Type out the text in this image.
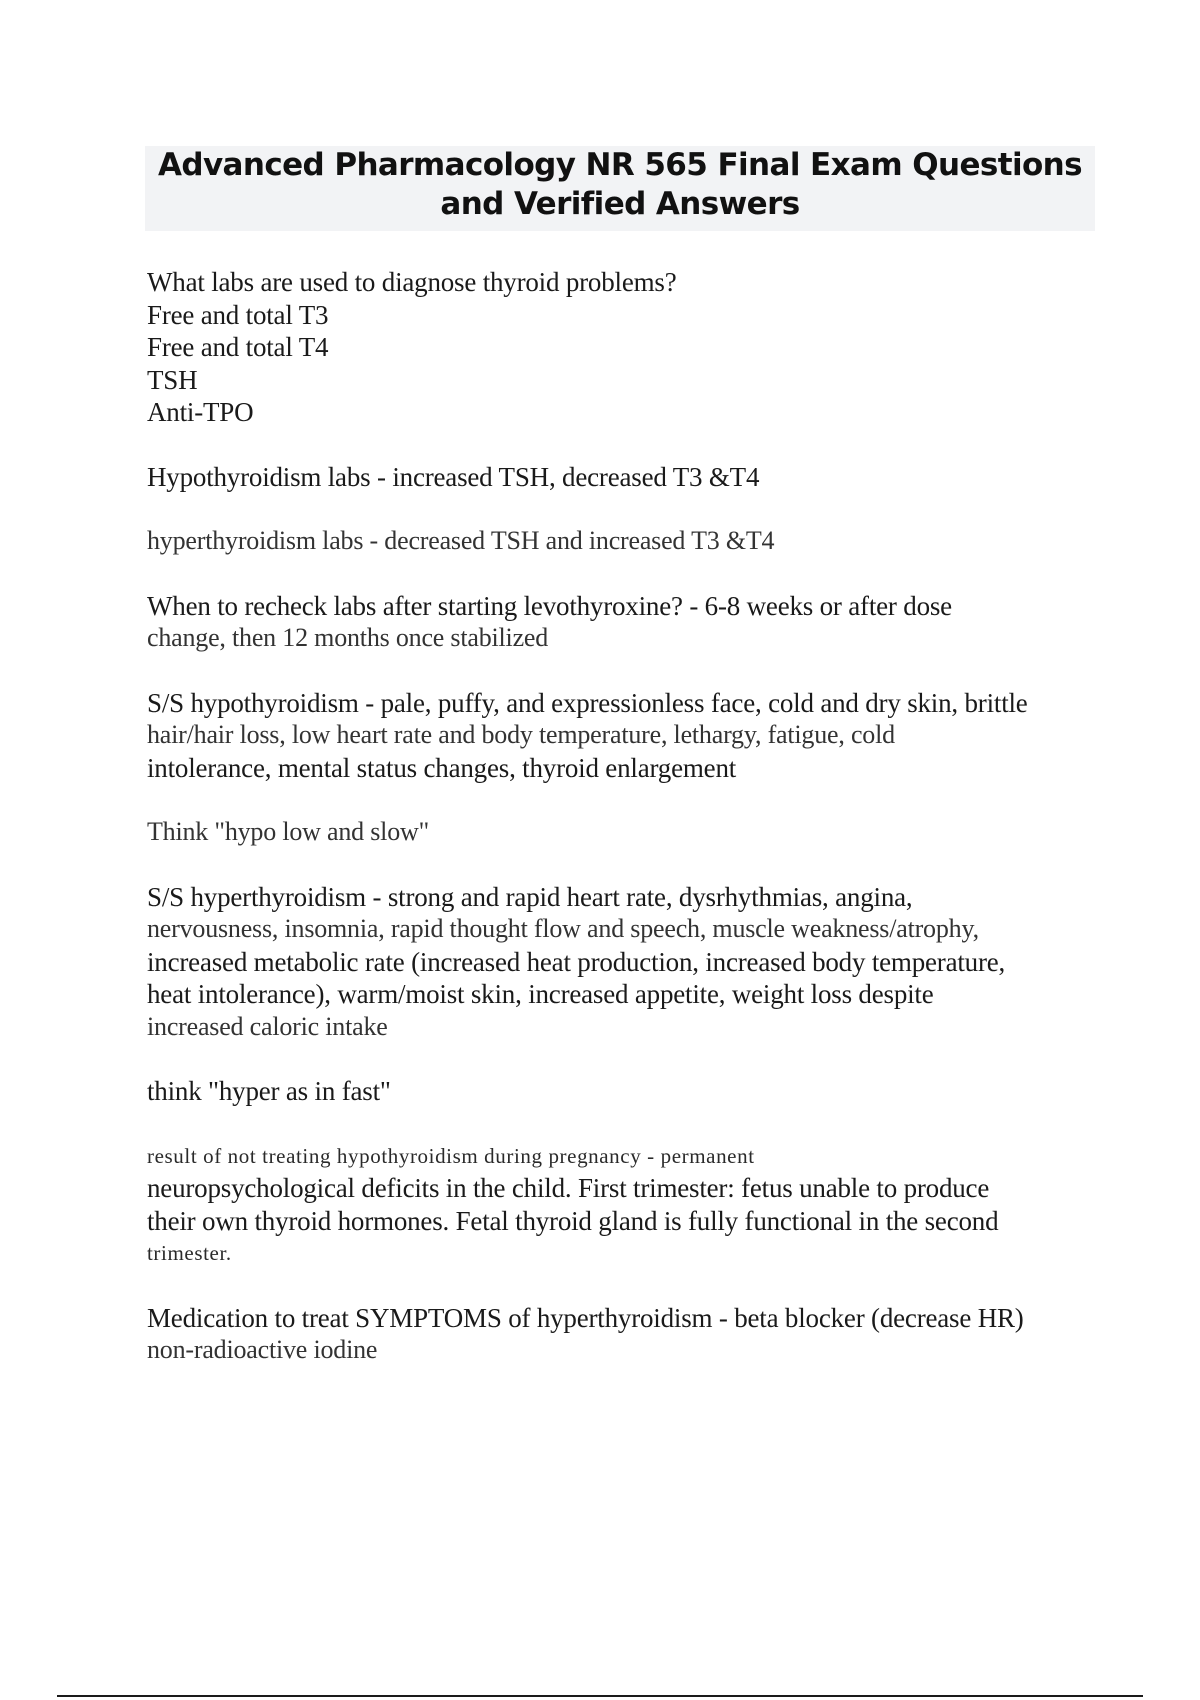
Advanced Pharmacology NR 565 Final Exam Questions
and Verified Answers
What labs are used to diagnose thyroid problems?
Free and total T3
Free and total T4
TSH
Anti-TPO
Hypothyroidism labs - increased TSH, decreased T3 &T4
hyperthyroidism labs - decreased TSH and increased T3 &T4
When to recheck labs after starting levothyroxine? - 6-8 weeks or after dose
change, then 12 months once stabilized
S/S hypothyroidism - pale, puffy, and expressionless face, cold and dry skin, brittle
hair/hair loss, low heart rate and body temperature, lethargy, fatigue, cold
intolerance, mental status changes, thyroid enlargement
Think "hypo low and slow"
S/S hyperthyroidism - strong and rapid heart rate, dysrhythmias, angina,
nervousness, insomnia, rapid thought flow and speech, muscle weakness/atrophy,
increased metabolic rate (increased heat production, increased body temperature,
heat intolerance), warm/moist skin, increased appetite, weight loss despite
increased caloric intake
think "hyper as in fast"
result of not treating hypothyroidism during pregnancy - permanent
neuropsychological deficits in the child. First trimester: fetus unable to produce
their own thyroid hormones. Fetal thyroid gland is fully functional in the second
trimester.
Medication to treat SYMPTOMS of hyperthyroidism - beta blocker (decrease HR)
non-radioactive iodine
